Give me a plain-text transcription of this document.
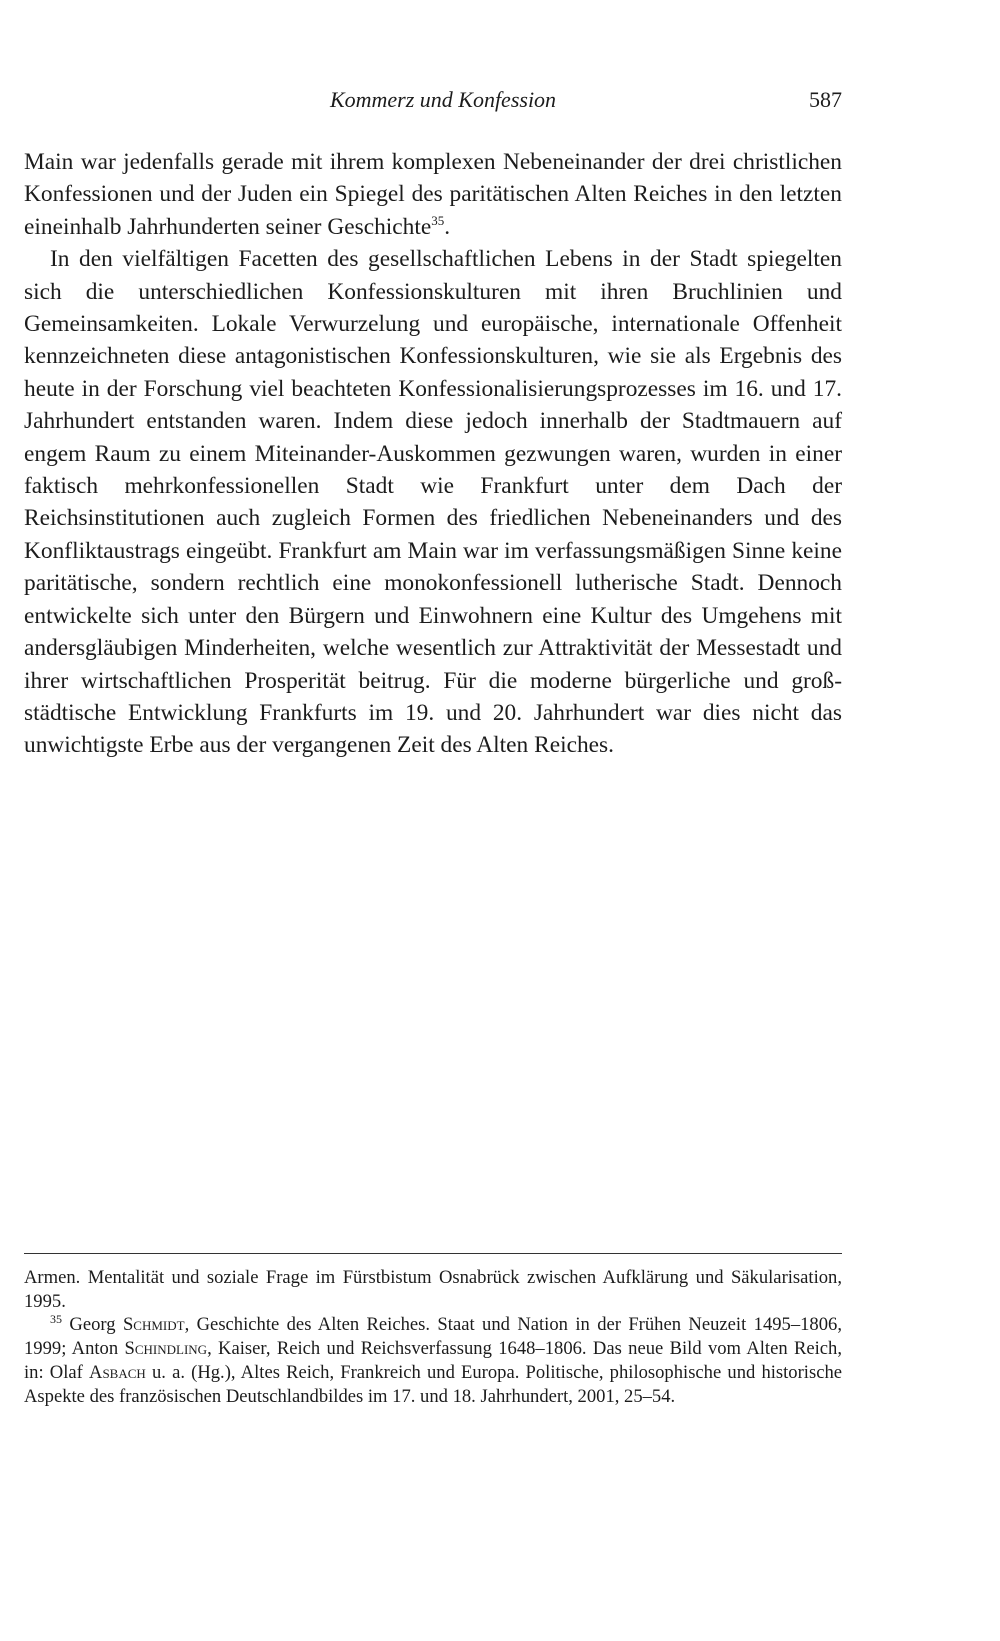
Kommerz und Konfession	587

Main war jedenfalls gerade mit ihrem komplexen Nebeneinander der drei christlichen Konfessionen und der Juden ein Spiegel des paritätischen Alten Reiches in den letzten eineinhalb Jahrhunderten seiner Geschichte$^{35}$.

In den vielfältigen Facetten des gesellschaftlichen Lebens in der Stadt spiegelten sich die unterschiedlichen Konfessionskulturen mit ihren Bruchlinien und Gemeinsamkeiten. Lokale Verwurzelung und europäische, internationale Offenheit kennzeichneten diese antagonistischen Konfessionskulturen, wie sie als Ergebnis des heute in der Forschung viel beachteten Konfessionalisierungsprozesses im 16. und 17. Jahrhundert entstanden waren. Indem diese jedoch innerhalb der Stadtmauern auf engem Raum zu einem Miteinander-Auskommen gezwungen waren, wurden in einer faktisch mehrkonfessionellen Stadt wie Frankfurt unter dem Dach der Reichsinstitutionen auch zugleich Formen des friedlichen Nebeneinanders und des Konfliktaustrags eingeübt. Frankfurt am Main war im verfassungsmäßigen Sinne keine paritätische, sondern rechtlich eine monokonfessionell lutherische Stadt. Dennoch entwickelte sich unter den Bürgern und Einwohnern eine Kultur des Umgehens mit andersgläubigen Minderheiten, welche wesentlich zur Attraktivität der Messestadt und ihrer wirtschaftlichen Prosperität beitrug. Für die moderne bürgerliche und großstädtische Entwicklung Frankfurts im 19. und 20. Jahrhundert war dies nicht das unwichtigste Erbe aus der vergangenen Zeit des Alten Reiches.

Armen. Mentalität und soziale Frage im Fürstbistum Osnabrück zwischen Aufklärung und Säkularisation, 1995.

$^{35}$ Georg Schmidt, Geschichte des Alten Reiches. Staat und Nation in der Frühen Neuzeit 1495–1806, 1999; Anton Schindling, Kaiser, Reich und Reichsverfassung 1648–1806. Das neue Bild vom Alten Reich, in: Olaf Asbach u. a. (Hg.), Altes Reich, Frankreich und Europa. Politische, philosophische und historische Aspekte des französischen Deutschlandbildes im 17. und 18. Jahrhundert, 2001, 25–54.
